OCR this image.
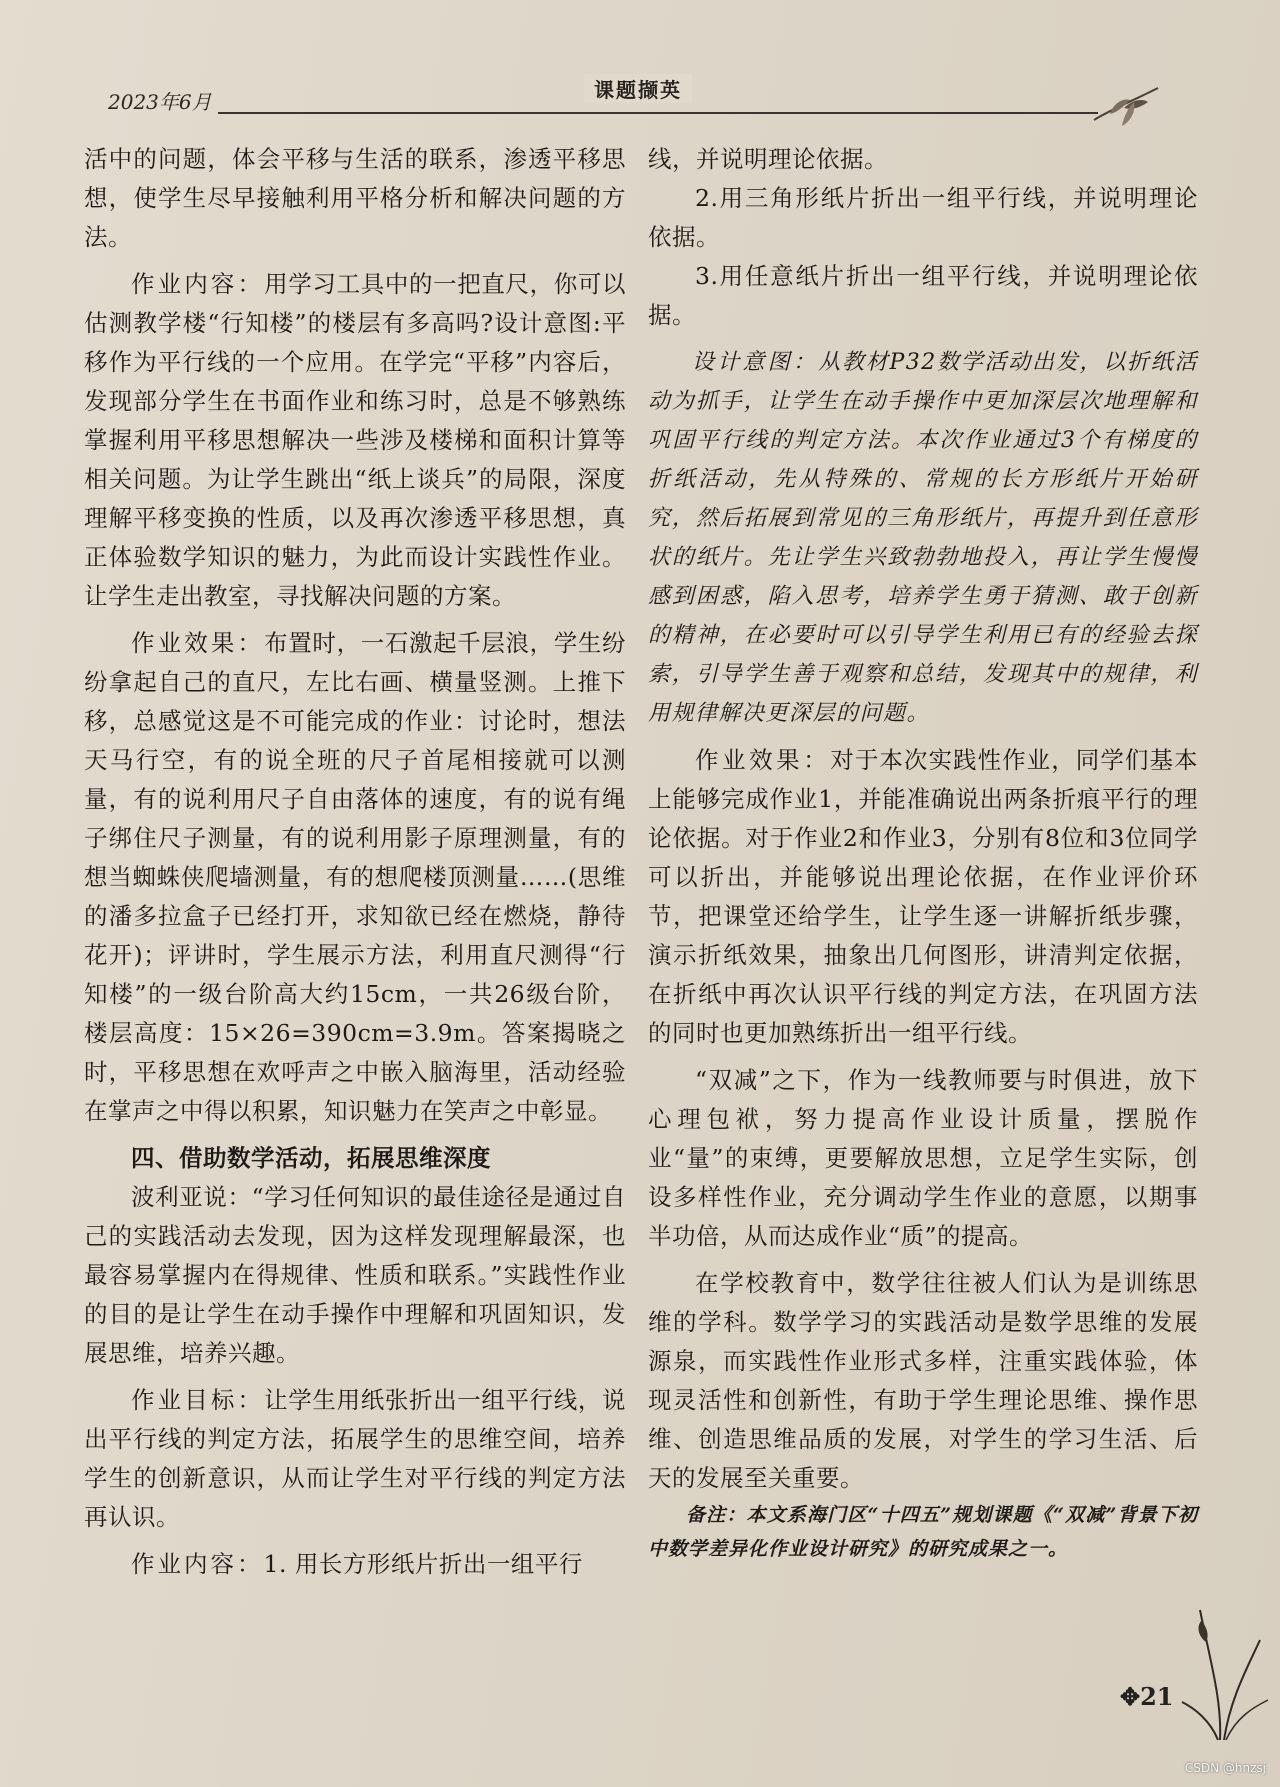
2023年6月	课题撷英

活中的问题，体会平移与生活的联系，渗透平移思想，使学生尽早接触利用平格分析和解决问题的方法。

作业内容：用学习工具中的一把直尺，你可以估测教学楼“行知楼”的楼层有多高吗?设计意图:平移作为平行线的一个应用。在学完“平移”内容后，发现部分学生在书面作业和练习时，总是不够熟练掌握利用平移思想解决一些涉及楼梯和面积计算等相关问题。为让学生跳出“纸上谈兵”的局限，深度理解平移变换的性质，以及再次渗透平移思想，真正体验数学知识的魅力，为此而设计实践性作业。让学生走出教室，寻找解决问题的方案。

作业效果：布置时，一石激起千层浪，学生纷纷拿起自己的直尺，左比右画、横量竖测。上推下移，总感觉这是不可能完成的作业：讨论时，想法天马行空，有的说全班的尺子首尾相接就可以测量，有的说利用尺子自由落体的速度，有的说有绳子绑住尺子测量，有的说利用影子原理测量，有的想当蜘蛛侠爬墙测量，有的想爬楼顶测量……(思维的潘多拉盒子已经打开，求知欲已经在燃烧，静待花开)；评讲时，学生展示方法，利用直尺测得“行知楼”的一级台阶高大约15cm，一共26级台阶，楼层高度：15×26=390cm=3.9m。答案揭晓之时，平移思想在欢呼声之中嵌入脑海里，活动经验在掌声之中得以积累，知识魅力在笑声之中彰显。

四、借助数学活动，拓展思维深度

波利亚说：“学习任何知识的最佳途径是通过自己的实践活动去发现，因为这样发现理解最深，也最容易掌握内在得规律、性质和联系。”实践性作业的目的是让学生在动手操作中理解和巩固知识，发展思维，培养兴趣。

作业目标：让学生用纸张折出一组平行线，说出平行线的判定方法，拓展学生的思维空间，培养学生的创新意识，从而让学生对平行线的判定方法再认识。

作业内容：1. 用长方形纸片折出一组平行

线，并说明理论依据。

2.用三角形纸片折出一组平行线，并说明理论依据。

3.用任意纸片折出一组平行线，并说明理论依据。

设计意图：从教材P32数学活动出发，以折纸活动为抓手，让学生在动手操作中更加深层次地理解和巩固平行线的判定方法。本次作业通过3个有梯度的折纸活动，先从特殊的、常规的长方形纸片开始研究，然后拓展到常见的三角形纸片，再提升到任意形状的纸片。先让学生兴致勃勃地投入，再让学生慢慢感到困惑，陷入思考，培养学生勇于猜测、敢于创新的精神，在必要时可以引导学生利用已有的经验去探索，引导学生善于观察和总结，发现其中的规律，利用规律解决更深层的问题。

作业效果：对于本次实践性作业，同学们基本上能够完成作业1，并能准确说出两条折痕平行的理论依据。对于作业2和作业3，分别有8位和3位同学可以折出，并能够说出理论依据，在作业评价环节，把课堂还给学生，让学生逐一讲解折纸步骤，演示折纸效果，抽象出几何图形，讲清判定依据，在折纸中再次认识平行线的判定方法，在巩固方法的同时也更加熟练折出一组平行线。

“双减”之下，作为一线教师要与时俱进，放下心理包袱，努力提高作业设计质量，摆脱作业“量”的束缚，更要解放思想，立足学生实际，创设多样性作业，充分调动学生作业的意愿，以期事半功倍，从而达成作业“质”的提高。

在学校教育中，数学往往被人们认为是训练思维的学科。数学学习的实践活动是数学思维的发展源泉，而实践性作业形式多样，注重实践体验，体现灵活性和创新性，有助于学生理论思维、操作思维、创造思维品质的发展，对学生的学习生活、后天的发展至关重要。

备注：本文系海门区“十四五”规划课题《“双减”背景下初中数学差异化作业设计研究》的研究成果之一。

✥21
CSDN @hnzsj
